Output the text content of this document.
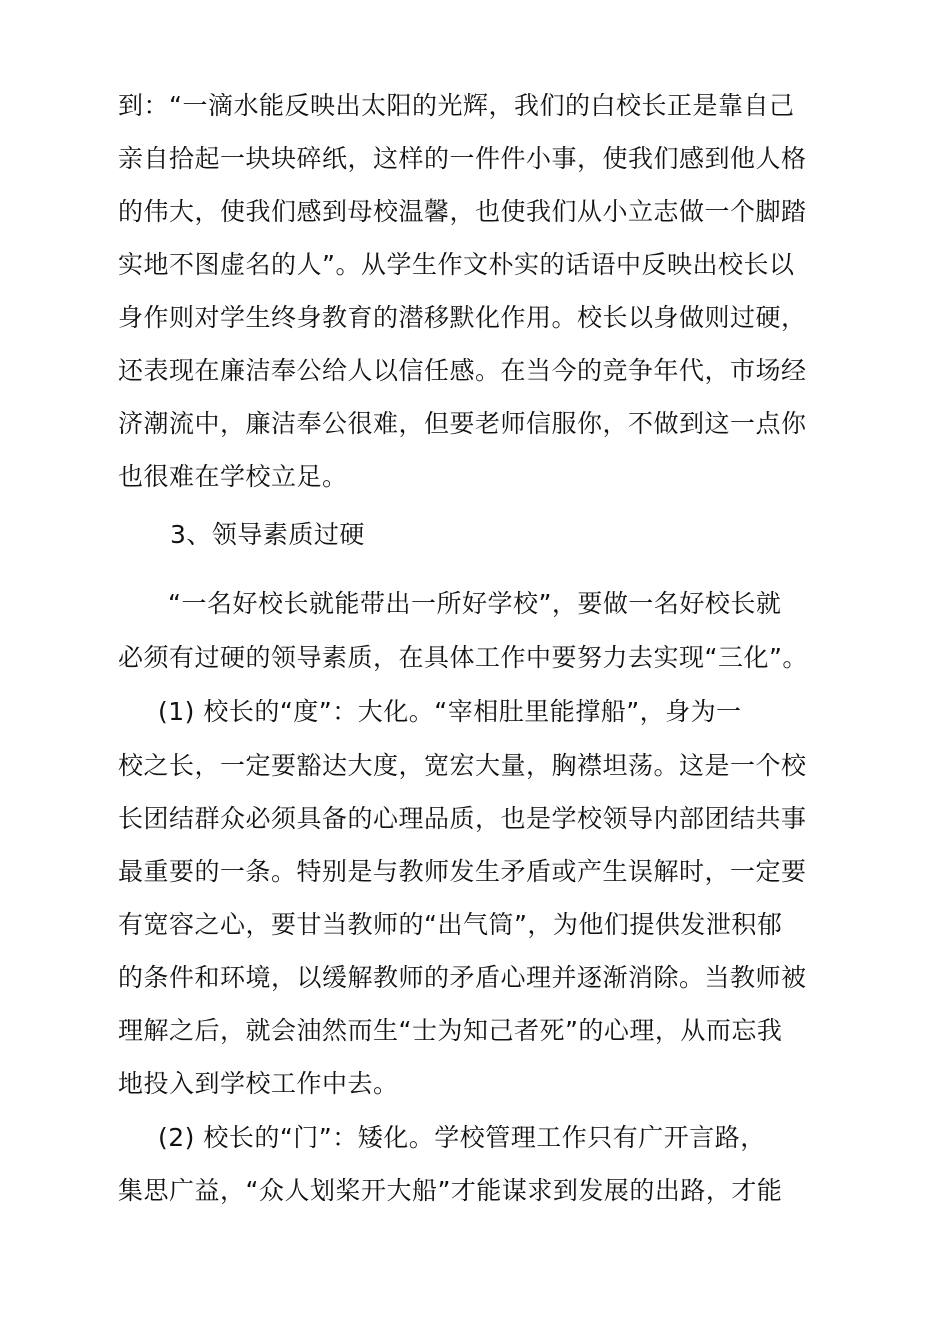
到：“一滴水能反映出太阳的光辉，我们的白校长正是靠自己
亲自拾起一块块碎纸，这样的一件件小事，使我们感到他人格
的伟大，使我们感到母校温馨，也使我们从小立志做一个脚踏
实地不图虚名的人”。从学生作文朴实的话语中反映出校长以
身作则对学生终身教育的潜移默化作用。校长以身做则过硬，
还表现在廉洁奉公给人以信任感。在当今的竞争年代，市场经
济潮流中，廉洁奉公很难，但要老师信服你，不做到这一点你
也很难在学校立足。
3、领导素质过硬
“一名好校长就能带出一所好学校”，要做一名好校长就
必须有过硬的领导素质，在具体工作中要努力去实现“三化”。
(1) 校长的“度”：大化。“宰相肚里能撑船”，身为一
校之长，一定要豁达大度，宽宏大量，胸襟坦荡。这是一个校
长团结群众必须具备的心理品质，也是学校领导内部团结共事
最重要的一条。特别是与教师发生矛盾或产生误解时，一定要
有宽容之心，要甘当教师的“出气筒”，为他们提供发泄积郁
的条件和环境，以缓解教师的矛盾心理并逐渐消除。当教师被
理解之后，就会油然而生“士为知己者死”的心理，从而忘我
地投入到学校工作中去。
(2) 校长的“门”：矮化。学校管理工作只有广开言路，
集思广益，“众人划桨开大船”才能谋求到发展的出路，才能
